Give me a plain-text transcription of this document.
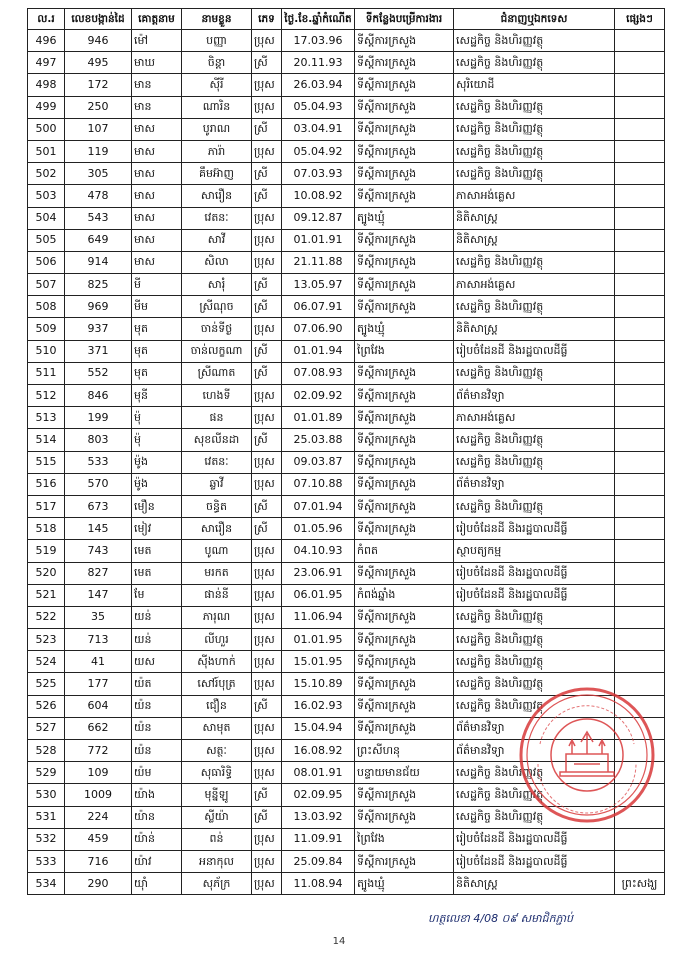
ល.រ	លេខបង្កាន់ដៃ	គោត្តនាម	នាមខ្លួន	ភេទ	ថ្ងៃ.ខែ.ឆ្នាំកំណើត	ទីកន្លែងបម្រើការងារ	ជំនាញឬឯកទេស	ផ្សេងៗ
496	946	ម៉ៅ	បញ្ញា	ប្រុស	17.03.96	ទីស្តីការក្រសួង	សេដ្ឋកិច្ច និងហិរញ្ញវត្ថុ	
497	495	មាឃ	ចិន្តា	ស្រី	20.11.93	ទីស្តីការក្រសួង	សេដ្ឋកិច្ច និងហិរញ្ញវត្ថុ	
498	172	មាន	ស៊ីរី	ប្រុស	26.03.94	ទីស្តីការក្រសួង	សុរិយោដី	
499	250	មាន	ណារិន	ប្រុស	05.04.93	ទីស្តីការក្រសួង	សេដ្ឋកិច្ច និងហិរញ្ញវត្ថុ	
500	107	មាស	បូរាណ	ស្រី	03.04.91	ទីស្តីការក្រសួង	សេដ្ឋកិច្ច និងហិរញ្ញវត្ថុ	
501	119	មាស	ភារ៉ា	ប្រុស	05.04.92	ទីស្តីការក្រសួង	សេដ្ឋកិច្ច និងហិរញ្ញវត្ថុ	
502	305	មាស	គឹមអ៊ាញ	ស្រី	07.03.93	ទីស្តីការក្រសួង	សេដ្ឋកិច្ច និងហិរញ្ញវត្ថុ	
503	478	មាស	សារឿន	ស្រី	10.08.92	ទីស្តីការក្រសួង	ភាសាអង់គ្លេស	
504	543	មាស	វេតនៈ	ប្រុស	09.12.87	ត្បូងឃ្មុំ	និតិសាស្ត្រ	
505	649	មាស	សាវី	ប្រុស	01.01.91	ទីស្តីការក្រសួង	និតិសាស្ត្រ	
506	914	មាស	សិលា	ប្រុស	21.11.88	ទីស្តីការក្រសួង	សេដ្ឋកិច្ច និងហិរញ្ញវត្ថុ	
507	825	មី	សារុំ	ស្រី	13.05.97	ទីស្តីការក្រសួង	ភាសាអង់គ្លេស	
508	969	មីម	ស្រីណុច	ស្រី	06.07.91	ទីស្តីការក្រសួង	សេដ្ឋកិច្ច និងហិរញ្ញវត្ថុ	
509	937	មុត	ចាន់ទីថ្ង	ប្រុស	07.06.90	ត្បូងឃ្មុំ	និតិសាស្ត្រ	
510	371	មុត	ចាន់លក្ខណា	ស្រី	01.01.94	ព្រៃវែង	រៀបចំដែនដី និងរដ្ឋបាលដីធ្លី	
511	552	មុត	ស្រីណាត	ស្រី	07.08.93	ទីស្តីការក្រសួង	សេដ្ឋកិច្ច និងហិរញ្ញវត្ថុ	
512	846	មុនី	ហេងទី	ប្រុស	02.09.92	ទីស្តីការក្រសួង	ព័ត៌មានវិទ្យា	
513	199	ម៉ុ	ផន	ប្រុស	01.01.89	ទីស្តីការក្រសួង	ភាសាអង់គ្លេស	
514	803	ម៉ុ	សុខលីនដា	ស្រី	25.03.88	ទីស្តីការក្រសួង	សេដ្ឋកិច្ច និងហិរញ្ញវត្ថុ	
515	533	ម៉ូង	វេតនៈ	ប្រុស	09.03.87	ទីស្តីការក្រសួង	សេដ្ឋកិច្ច និងហិរញ្ញវត្ថុ	
516	570	ម៉ូង	ឆ្លាវី	ប្រុស	07.10.88	ទីស្តីការក្រសួង	ព័ត៌មានវិទ្យា	
517	673	មឿន	ចន្ធិត	ស្រី	07.01.94	ទីស្តីការក្រសួង	សេដ្ឋកិច្ច និងហិរញ្ញវត្ថុ	
518	145	មៀវ	សារឿន	ស្រី	01.05.96	ទីស្តីការក្រសួង	រៀបចំដែនដី និងរដ្ឋបាលដីធ្លី	
519	743	មេត	បូណា	ប្រុស	04.10.93	កំពត	ស្ថាបត្យកម្ម	
520	827	មេត	មរកត	ប្រុស	23.06.91	ទីស្តីការក្រសួង	រៀបចំដែនដី និងរដ្ឋបាលដីធ្លី	
521	147	មែ	ផាន់នី	ប្រុស	06.01.95	កំពង់ឆ្នាំង	រៀបចំដែនដី និងរដ្ឋបាលដីធ្លី	
522	35	យន់	ភារុណ	ប្រុស	11.06.94	ទីស្តីការក្រសួង	សេដ្ឋកិច្ច និងហិរញ្ញវត្ថុ	
523	713	យន់	លីហួរ	ប្រុស	01.01.95	ទីស្តីការក្រសួង	សេដ្ឋកិច្ច និងហិរញ្ញវត្ថុ	
524	41	យស	ស៊ីងហាក់	ប្រុស	15.01.95	ទីស្តីការក្រសួង	សេដ្ឋកិច្ច និងហិរញ្ញវត្ថុ	
525	177	យ៉ត	សៅរ៍បុត្រ	ប្រុស	15.10.89	ទីស្តីការក្រសួង	សេដ្ឋកិច្ច និងហិរញ្ញវត្ថុ	
526	604	យ៉ន	ជឿន	ស្រី	16.02.93	ទីស្តីការក្រសួង	សេដ្ឋកិច្ច និងហិរញ្ញវត្ថុ	
527	662	យ៉ន	សាមុត	ប្រុស	15.04.94	ទីស្តីការក្រសួង	ព័ត៌មានវិទ្យា	
528	772	យ៉ន	សត្ថៈ	ប្រុស	16.08.92	ព្រះសីហនុ	ព័ត៌មានវិទ្យា	
529	109	យ៉ម	សុធារិទ្ធិ	ប្រុស	08.01.91	បន្ទាយមានជ័យ	សេដ្ឋកិច្ច និងហិរញ្ញវត្ថុ	
530	1009	យ៉ាង	មុន្នីឡូ	ស្រី	02.09.95	ទីស្តីការក្រសួង	សេដ្ឋកិច្ច និងហិរញ្ញវត្ថុ	
531	224	យ៉ាន	ស្លីយ៉ា	ស្រី	13.03.92	ទីស្តីការក្រសួង	សេដ្ឋកិច្ច និងហិរញ្ញវត្ថុ	
532	459	យ៉ាន់	ពន់	ប្រុស	11.09.91	ព្រៃវែង	រៀបចំដែនដី និងរដ្ឋបាលដីធ្លី	
533	716	យ៉ាវ	អនាកុល	ប្រុស	25.09.84	ទីស្តីការក្រសួង	រៀបចំដែនដី និងរដ្ឋបាលដីធ្លី	
534	290	យ៉ាំ	សុភ័ក្រ	ប្រុស	11.08.94	ត្បូងឃ្មុំ	និតិសាស្ត្រ	ព្រះសង្ឃ
ហត្ថលេខា 4/08 ០៩ សមាជិកភ្ជាប់
14
